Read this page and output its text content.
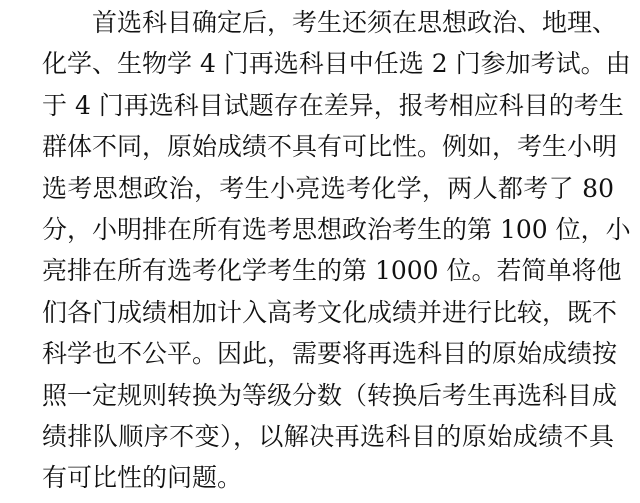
首选科目确定后，考生还须在思想政治、地理、
化学、生物学 4 门再选科目中任选 2 门参加考试。由
于 4 门再选科目试题存在差异，报考相应科目的考生
群体不同，原始成绩不具有可比性。例如，考生小明
选考思想政治，考生小亮选考化学，两人都考了 80
分，小明排在所有选考思想政治考生的第 100 位，小
亮排在所有选考化学考生的第 1000 位。若简单将他
们各门成绩相加计入高考文化成绩并进行比较，既不
科学也不公平。因此，需要将再选科目的原始成绩按
照一定规则转换为等级分数（转换后考生再选科目成
绩排队顺序不变），以解决再选科目的原始成绩不具
有可比性的问题。
